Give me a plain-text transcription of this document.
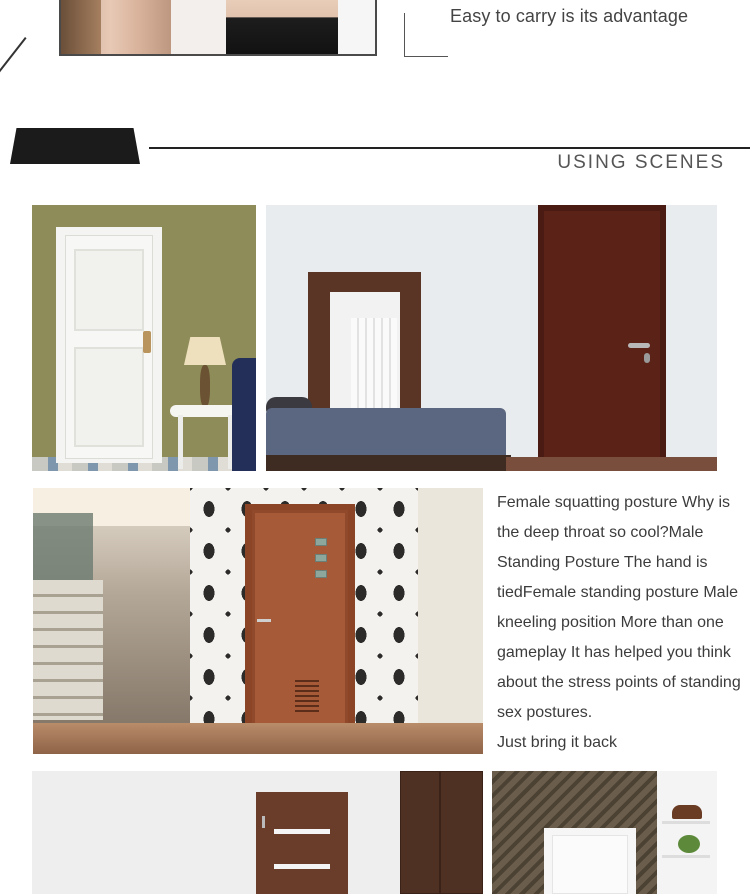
Easy to carry is its advantage
USING SCENES

Female squatting posture Why is the deep throat so cool?Male Standing Posture The hand is tiedFemale standing posture Male kneeling position More than one gameplay It has helped you think about the stress points of standing sex postures.

Just bring it back
